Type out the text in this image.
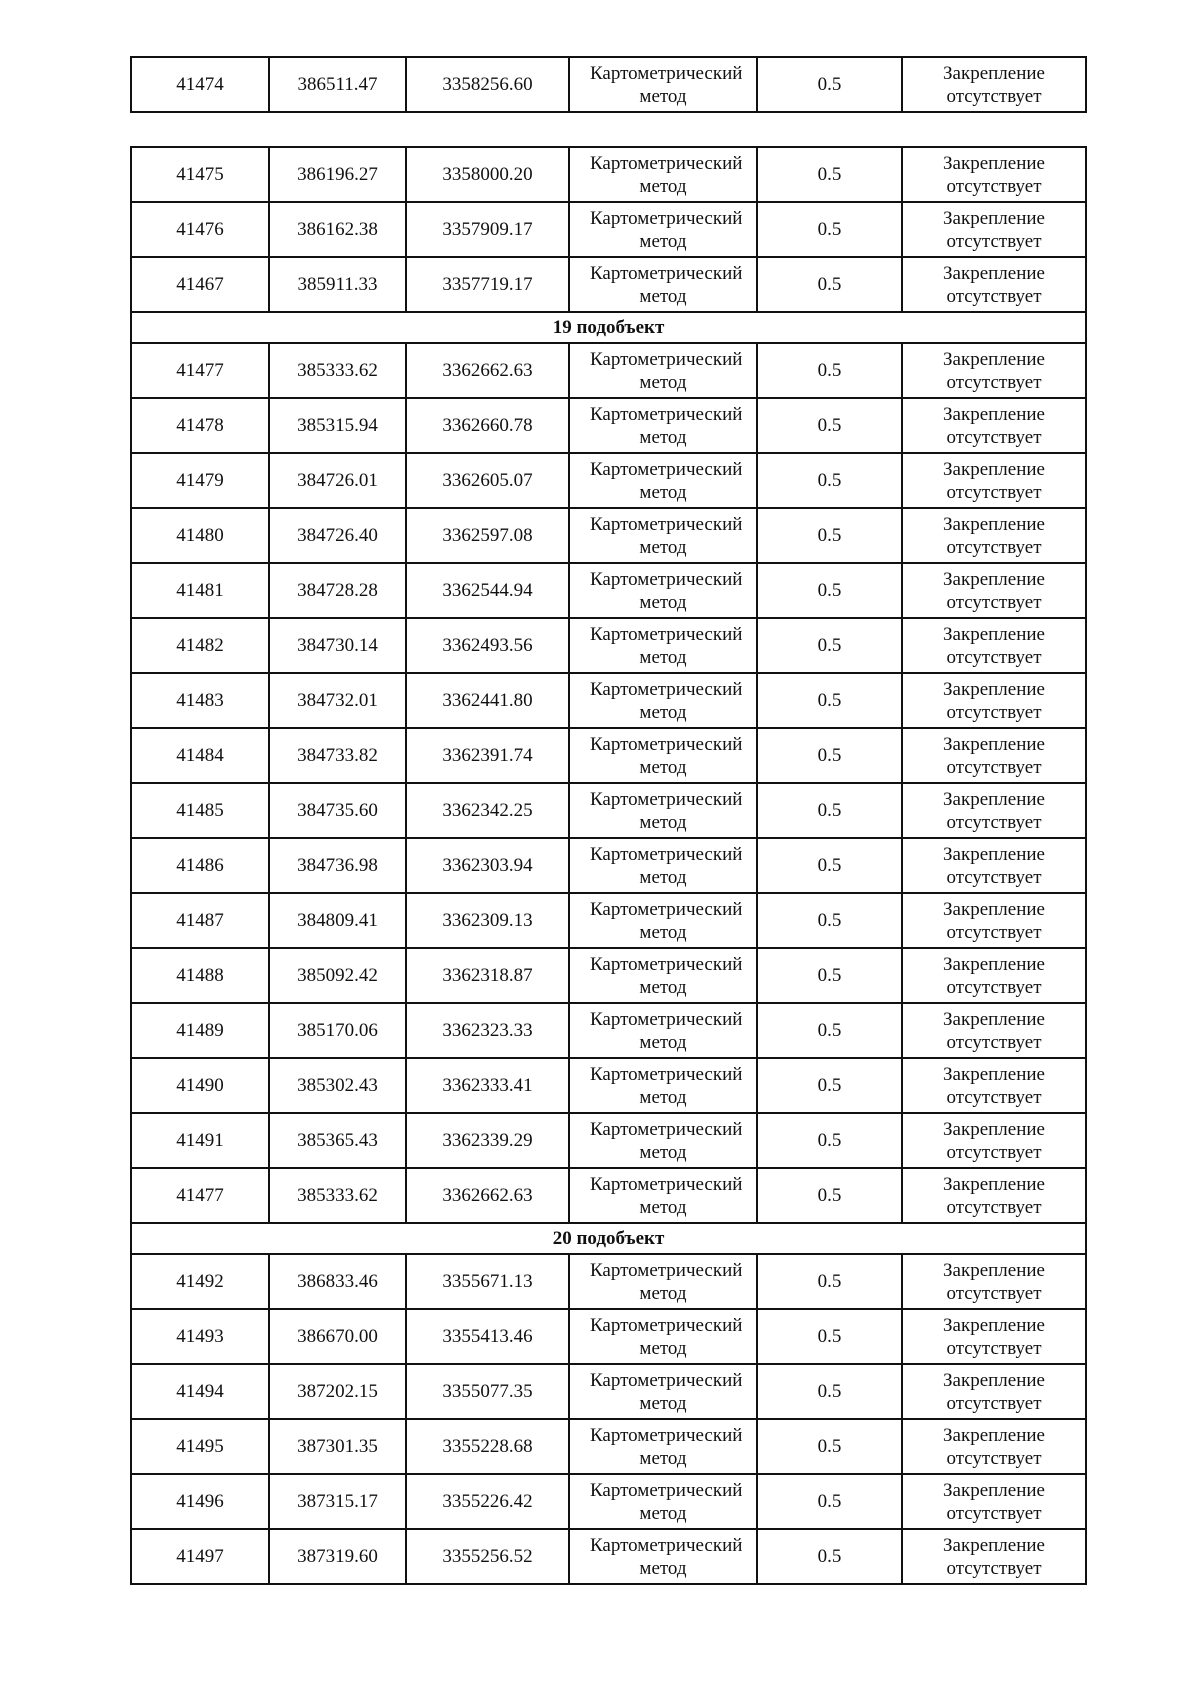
41474	386511.47	3358256.60	Картометрический метод	0.5	Закрепление отсутствует
41475	386196.27	3358000.20	Картометрический метод	0.5	Закрепление отсутствует
41476	386162.38	3357909.17	Картометрический метод	0.5	Закрепление отсутствует
41467	385911.33	3357719.17	Картометрический метод	0.5	Закрепление отсутствует
19 подобъект					
41477	385333.62	3362662.63	Картометрический метод	0.5	Закрепление отсутствует
41478	385315.94	3362660.78	Картометрический метод	0.5	Закрепление отсутствует
41479	384726.01	3362605.07	Картометрический метод	0.5	Закрепление отсутствует
41480	384726.40	3362597.08	Картометрический метод	0.5	Закрепление отсутствует
41481	384728.28	3362544.94	Картометрический метод	0.5	Закрепление отсутствует
41482	384730.14	3362493.56	Картометрический метод	0.5	Закрепление отсутствует
41483	384732.01	3362441.80	Картометрический метод	0.5	Закрепление отсутствует
41484	384733.82	3362391.74	Картометрический метод	0.5	Закрепление отсутствует
41485	384735.60	3362342.25	Картометрический метод	0.5	Закрепление отсутствует
41486	384736.98	3362303.94	Картометрический метод	0.5	Закрепление отсутствует
41487	384809.41	3362309.13	Картометрический метод	0.5	Закрепление отсутствует
41488	385092.42	3362318.87	Картометрический метод	0.5	Закрепление отсутствует
41489	385170.06	3362323.33	Картометрический метод	0.5	Закрепление отсутствует
41490	385302.43	3362333.41	Картометрический метод	0.5	Закрепление отсутствует
41491	385365.43	3362339.29	Картометрический метод	0.5	Закрепление отсутствует
41477	385333.62	3362662.63	Картометрический метод	0.5	Закрепление отсутствует
20 подобъект					
41492	386833.46	3355671.13	Картометрический метод	0.5	Закрепление отсутствует
41493	386670.00	3355413.46	Картометрический метод	0.5	Закрепление отсутствует
41494	387202.15	3355077.35	Картометрический метод	0.5	Закрепление отсутствует
41495	387301.35	3355228.68	Картометрический метод	0.5	Закрепление отсутствует
41496	387315.17	3355226.42	Картометрический метод	0.5	Закрепление отсутствует
41497	387319.60	3355256.52	Картометрический метод	0.5	Закрепление отсутствует
